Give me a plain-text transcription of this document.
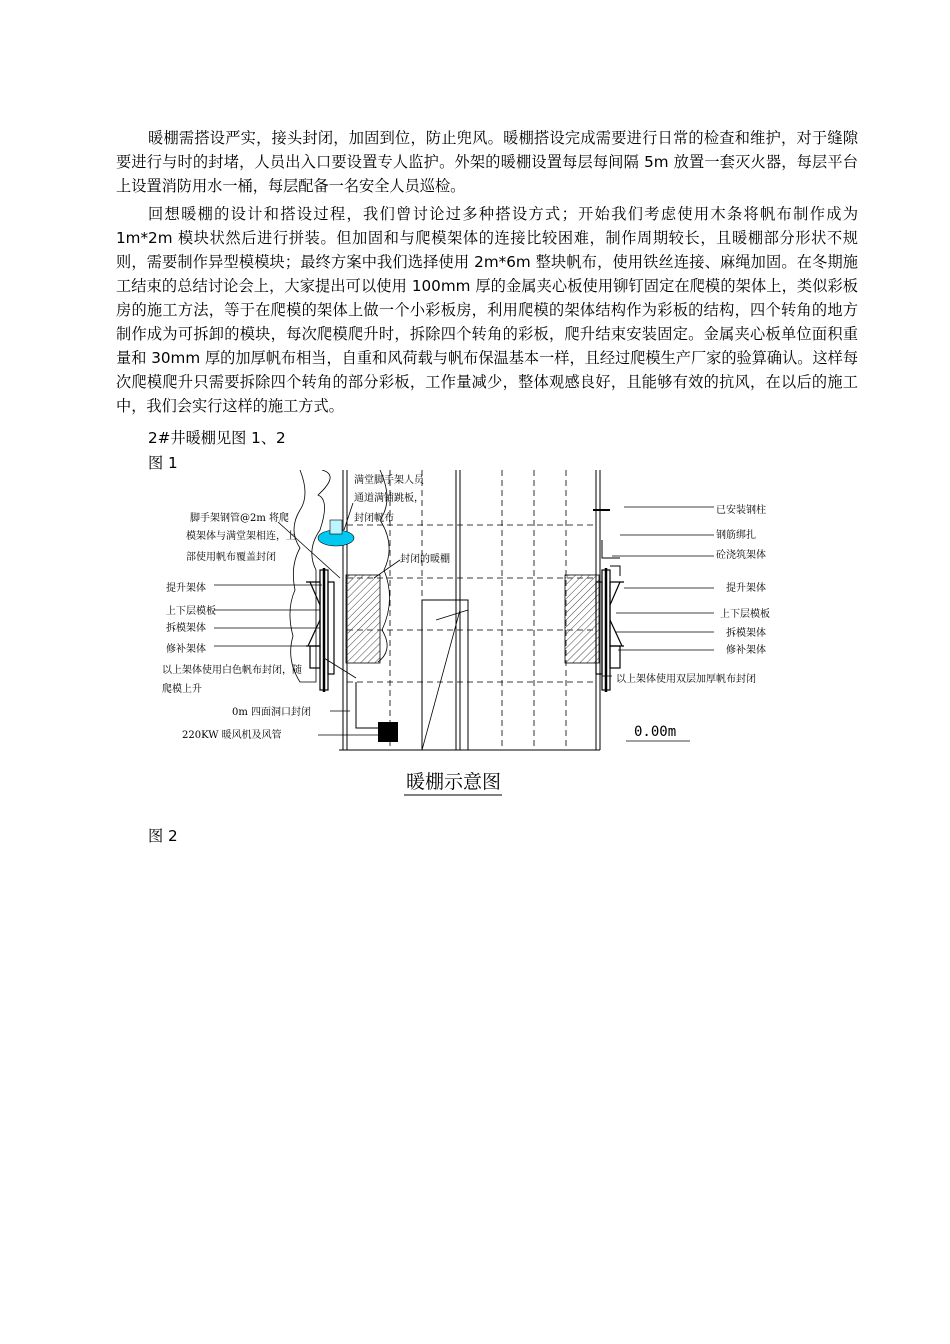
暖棚需搭设严实，接头封闭，加固到位，防止兜风。暖棚搭设完成需要进行日常的检查和维护，对于缝隙要进行与时的封堵，人员出入口要设置专人监护。外架的暖棚设置每层每间隔 5m 放置一套灭火器，每层平台上设置消防用水一桶，每层配备一名安全人员巡检。

回想暖棚的设计和搭设过程，我们曾讨论过多种搭设方式；开始我们考虑使用木条将帆布制作成为 1m*2m 模块状然后进行拼装。但加固和与爬模架体的连接比较困难，制作周期较长，且暖棚部分形状不规则，需要制作异型模模块；最终方案中我们选择使用 2m*6m 整块帆布，使用铁丝连接、麻绳加固。在冬期施工结束的总结讨论会上，大家提出可以使用 100mm 厚的金属夹心板使用铆钉固定在爬模的架体上，类似彩板房的施工方法，等于在爬模的架体上做一个小彩板房，利用爬模的架体结构作为彩板的结构，四个转角的地方制作成为可拆卸的模块，每次爬模爬升时，拆除四个转角的彩板，爬升结束安装固定。金属夹心板单位面积重量和 30mm 厚的加厚帆布相当，自重和风荷载与帆布保温基本一样，且经过爬模生产厂家的验算确认。这样每次爬模爬升只需要拆除四个转角的部分彩板，工作量减少，整体观感良好，且能够有效的抗风，在以后的施工中，我们会实行这样的施工方式。

2#井暖棚见图 1、2

图 1

脚手架钢管@2m 将爬
模架体与满堂架相连，上
部使用帆布覆盖封闭
提升架体
上下层模板
拆模架体
修补架体
以上架体使用白色帆布封闭，随
爬模上升
0m 四面洞口封闭
220KW 暖风机及风管
满堂脚手架人员
通道满铺跳板，
封闭帆布
封闭的暖棚
已安装钢柱
钢筋绑扎
砼浇筑架体
提升架体
上下层模板
拆模架体
修补架体
以上架体使用双层加厚帆布封闭
0.00m
暖棚示意图

图 2
